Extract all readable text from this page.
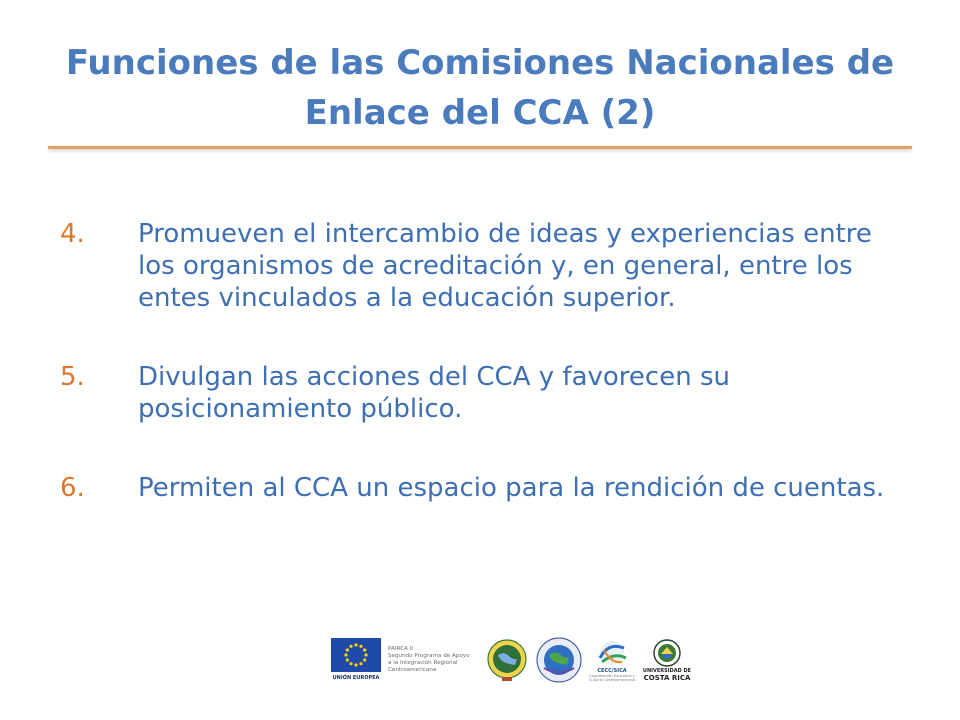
Funciones de las Comisiones Nacionales de Enlace del CCA (2)
4.	Promueven el intercambio de ideas y experiencias entre los organismos de acreditación y, en general, entre los entes vinculados a la educación superior.
5.	Divulgan las acciones del CCA y favorecen su posicionamiento público.
6.	Permiten al CCA un espacio para la rendición de cuentas.
UNIÓN EUROPEA
PAIRCA II
Segundo Programa de Apoyo
a la Integración Regional
Centroamericana	CECC/SICA
Coordinación Educativa y
Cultural Centroamericana
UNIVERSIDAD DE
COSTA RICA
